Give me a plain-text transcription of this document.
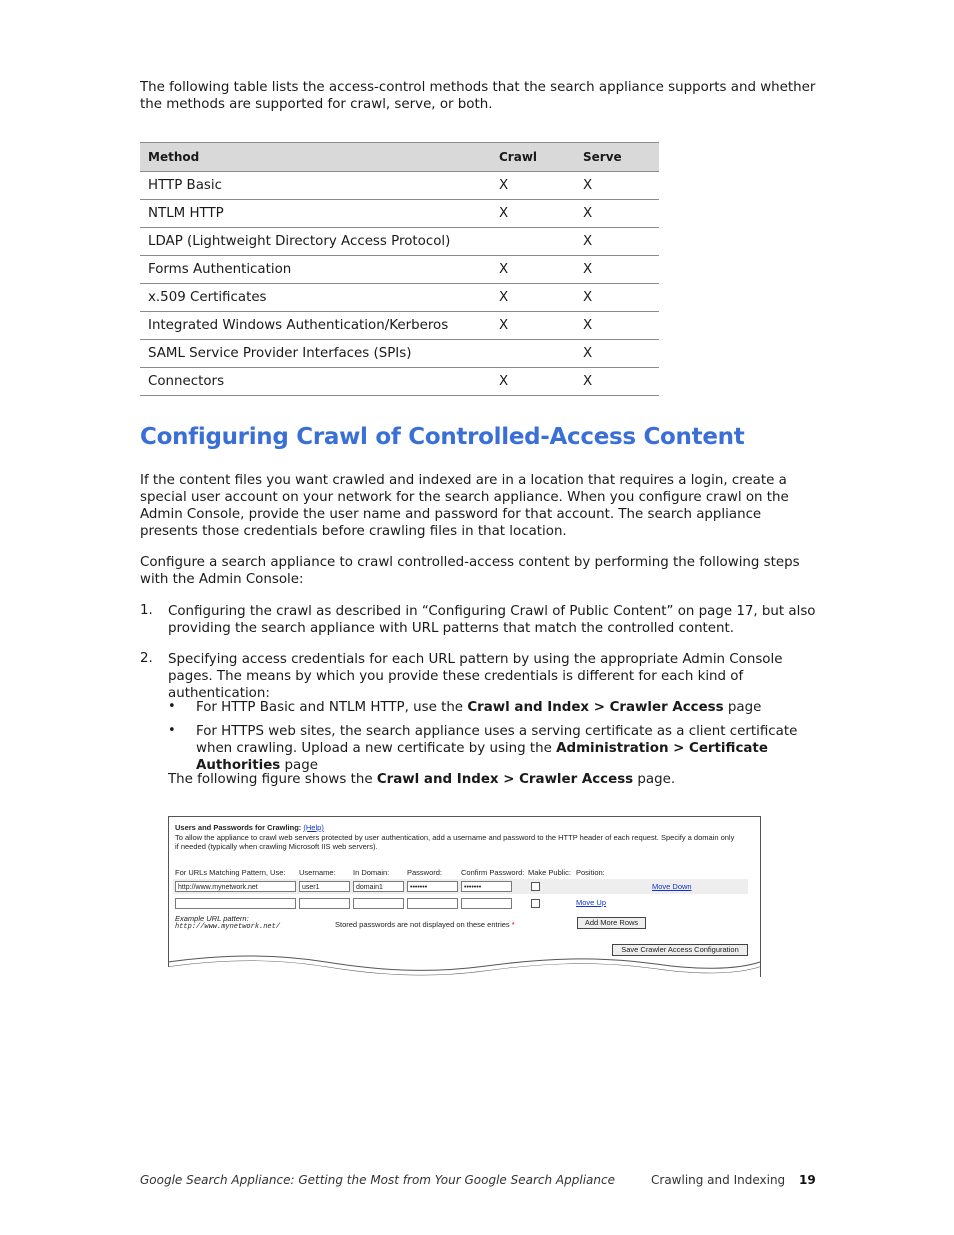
The following table lists the access-control methods that the search appliance supports and whether the methods are supported for crawl, serve, or both.

Method	Crawl	Serve
HTTP Basic	X	X
NTLM HTTP	X	X
LDAP (Lightweight Directory Access Protocol)		X
Forms Authentication	X	X
x.509 Certificates	X	X
Integrated Windows Authentication/Kerberos	X	X
SAML Service Provider Interfaces (SPIs)		X
Connectors	X	X
Configuring Crawl of Controlled-Access Content

If the content files you want crawled and indexed are in a location that requires a login, create a special user account on your network for the search appliance. When you configure crawl on the Admin Console, provide the user name and password for that account. The search appliance presents those credentials before crawling files in that location.

Configure a search appliance to crawl controlled-access content by performing the following steps with the Admin Console:

1. Configuring the crawl as described in “Configuring Crawl of Public Content” on page 17, but also providing the search appliance with URL patterns that match the controlled content.

2. Specifying access credentials for each URL pattern by using the appropriate Admin Console pages. The means by which you provide these credentials is different for each kind of authentication:

• For HTTP Basic and NTLM HTTP, use the Crawl and Index > Crawler Access page

• For HTTPS web sites, the search appliance uses a serving certificate as a client certificate when crawling. Upload a new certificate by using the Administration > Certificate Authorities page

The following figure shows the Crawl and Index > Crawler Access page.

Users and Passwords for Crawling: (Help)
To allow the appliance to crawl web servers protected by user authentication, add a username and password to the HTTP header of each request. Specify a domain only
if needed (typically when crawling Microsoft IIS web servers).
For URLs Matching Pattern, Use: Username: In Domain: Password:	Confirm Password: Make Public: Position:
http://www.mynetwork.net	user1	domain1	•••••••	•••••••	Move Down
Move Up
Example URL pattern:
http://www.mynetwork.net/	Stored passwords are not displayed on these entries *	Add More Rows
Save Crawler Access Configuration
Google Search Appliance: Getting the Most from Your Google Search Appliance	Crawling and Indexing 19
